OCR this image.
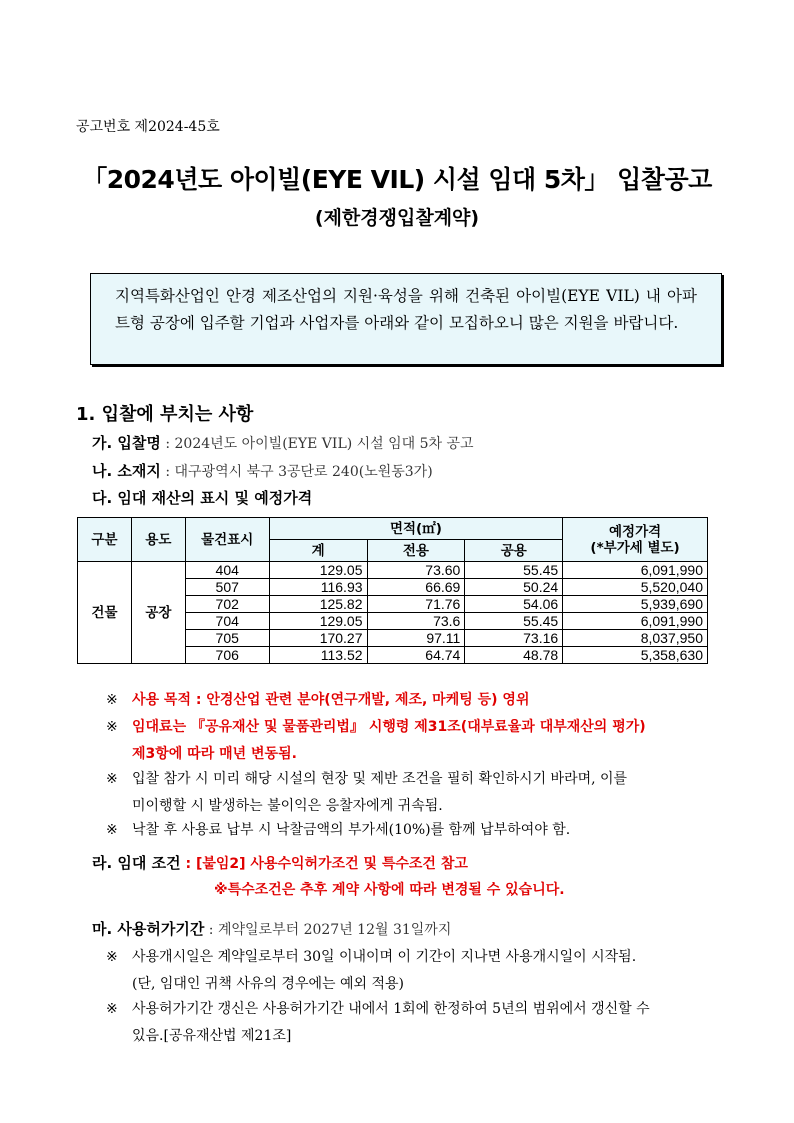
공고번호 제2024-45호
「2024년도 아이빌(EYE VIL) 시설 임대 5차」 입찰공고
(제한경쟁입찰계약)
지역특화산업인 안경 제조산업의 지원·육성을 위해 건축된 아이빌(EYE VIL) 내 아파트형 공장에 입주할 기업과 사업자를 아래와 같이 모집하오니 많은 지원을 바랍니다.
1. 입찰에 부치는 사항
가. 입찰명 : 2024년도 아이빌(EYE VIL) 시설 임대 5차 공고
나. 소재지 : 대구광역시 북구 3공단로 240(노원동3가)
다. 임대 재산의 표시 및 예정가격
구분	용도	물건표시	면적(㎡)			예정가격
(*부가세 별도)

			계	전용	공용	
건물	공장	404	129.05	73.60	55.45	6,091,990
		507	116.93	66.69	50.24	5,520,040
		702	125.82	71.76	54.06	5,939,690
		704	129.05	73.6	55.45	6,091,990
		705	170.27	97.11	73.16	8,037,950
		706	113.52	64.74	48.78	5,358,630
※ 사용 목적 : 안경산업 관련 분야(연구개발, 제조, 마케팅 등) 영위
※ 임대료는 『공유재산 및 물품관리법』 시행령 제31조(대부료율과 대부재산의 평가)
제3항에 따라 매년 변동됨.
※ 입찰 참가 시 미리 해당 시설의 현장 및 제반 조건을 필히 확인하시기 바라며, 이를
미이행할 시 발생하는 불이익은 응찰자에게 귀속됨.
※ 낙찰 후 사용료 납부 시 낙찰금액의 부가세(10%)를 함께 납부하여야 함.
라. 임대 조건 : [붙임2] 사용수익허가조건 및 특수조건 참고
※특수조건은 추후 계약 사항에 따라 변경될 수 있습니다.
마. 사용허가기간 : 계약일로부터 2027년 12월 31일까지
※ 사용개시일은 계약일로부터 30일 이내이며 이 기간이 지나면 사용개시일이 시작됨.
(단, 임대인 귀책 사유의 경우에는 예외 적용)
※ 사용허가기간 갱신은 사용허가기간 내에서 1회에 한정하여 5년의 범위에서 갱신할 수
있음.[공유재산법 제21조]
